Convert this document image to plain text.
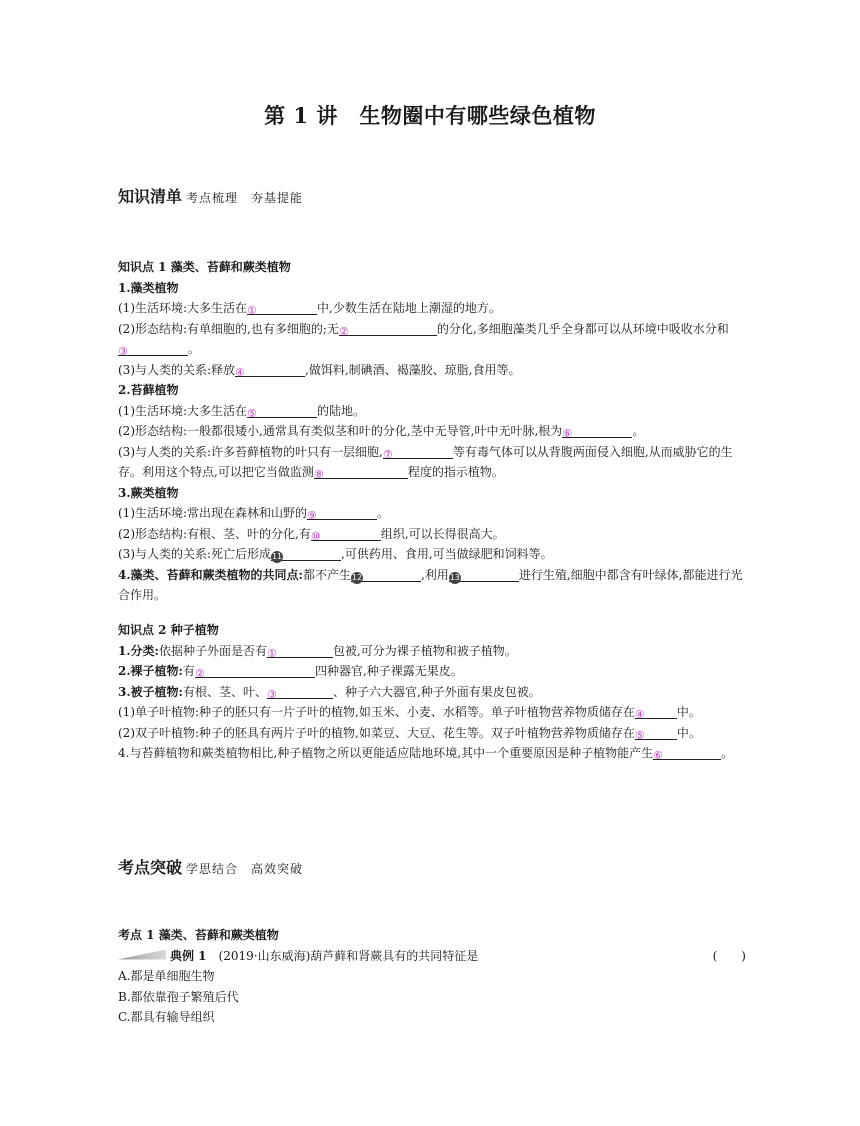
第 1 讲　生物圈中有哪些绿色植物
知识清单 考点梳理　夯基提能

知识点 1 藻类、苔藓和蕨类植物

1.藻类植物

(1)生活环境:大多生活在①	中,少数生活在陆地上潮湿的地方。

(2)形态结构:有单细胞的,也有多细胞的;无②	的分化,多细胞藻类几乎全身都可以从环境中吸收水分和③	。

(3)与人类的关系:释放④	,做饵料,制碘酒、褐藻胶、琼脂,食用等。

2.苔藓植物

(1)生活环境:大多生活在⑤	的陆地。

(2)形态结构:一般都很矮小,通常具有类似茎和叶的分化,茎中无导管,叶中无叶脉,根为⑥	。

(3)与人类的关系:许多苔藓植物的叶只有一层细胞,⑦	等有毒气体可以从背腹两面侵入细胞,从而威胁它的生存。利用这个特点,可以把它当做监测⑧	程度的指示植物。

3.蕨类植物

(1)生活环境:常出现在森林和山野的⑨	。

(2)形态结构:有根、茎、叶的分化,有⑩	组织,可以长得很高大。

(3)与人类的关系:死亡后形成11	,可供药用、食用,可当做绿肥和饲料等。

4.藻类、苔藓和蕨类植物的共同点:都不产生12	,利用13	进行生殖,细胞中都含有叶绿体,都能进行光合作用。

知识点 2 种子植物

1.分类:依据种子外面是否有①	包被,可分为裸子植物和被子植物。

2.裸子植物:有②	四种器官,种子裸露无果皮。

3.被子植物:有根、茎、叶、③	、种子六大器官,种子外面有果皮包被。

(1)单子叶植物:种子的胚只有一片子叶的植物,如玉米、小麦、水稻等。单子叶植物营养物质储存在④	中。

(2)双子叶植物:种子的胚具有两片子叶的植物,如菜豆、大豆、花生等。双子叶植物营养物质储存在⑤	中。

4.与苔藓植物和蕨类植物相比,种子植物之所以更能适应陆地环境,其中一个重要原因是种子植物能产生⑥	。

考点突破 学思结合　高效突破

考点 1 藻类、苔藓和蕨类植物

典例 1　 (2019·山东威海)葫芦藓和肾蕨具有的共同特征是	(　　)

A.都是单细胞生物

B.都依靠孢子繁殖后代

C.都具有输导组织
